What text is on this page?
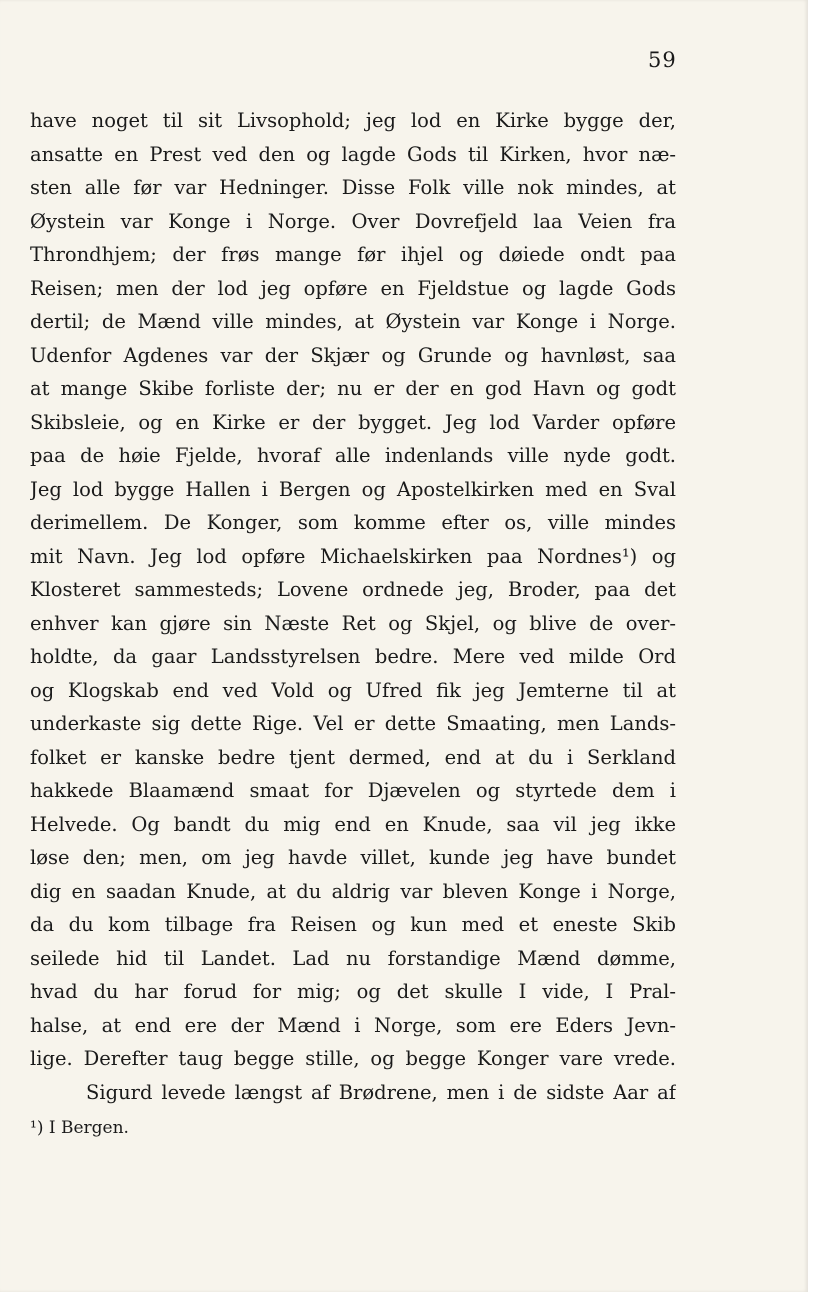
59
have noget til sit Livsophold; jeg lod en Kirke bygge der,
ansatte en Prest ved den og lagde Gods til Kirken, hvor næ-
sten alle før var Hedninger. Disse Folk ville nok mindes, at
Øystein var Konge i Norge. Over Dovrefjeld laa Veien fra
Throndhjem; der frøs mange før ihjel og døiede ondt paa
Reisen; men der lod jeg opføre en Fjeldstue og lagde Gods
dertil; de Mænd ville mindes, at Øystein var Konge i Norge.
Udenfor Agdenes var der Skjær og Grunde og havnløst, saa
at mange Skibe forliste der; nu er der en god Havn og godt
Skibsleie, og en Kirke er der bygget. Jeg lod Varder opføre
paa de høie Fjelde, hvoraf alle indenlands ville nyde godt.
Jeg lod bygge Hallen i Bergen og Apostelkirken med en Sval
derimellem. De Konger, som komme efter os, ville mindes
mit Navn. Jeg lod opføre Michaelskirken paa Nordnes¹) og
Klosteret sammesteds; Lovene ordnede jeg, Broder, paa det
enhver kan gjøre sin Næste Ret og Skjel, og blive de over-
holdte, da gaar Landsstyrelsen bedre. Mere ved milde Ord
og Klogskab end ved Vold og Ufred fik jeg Jemterne til at
underkaste sig dette Rige. Vel er dette Smaating, men Lands-
folket er kanske bedre tjent dermed, end at du i Serkland
hakkede Blaamænd smaat for Djævelen og styrtede dem i
Helvede. Og bandt du mig end en Knude, saa vil jeg ikke
løse den; men, om jeg havde villet, kunde jeg have bundet
dig en saadan Knude, at du aldrig var bleven Konge i Norge,
da du kom tilbage fra Reisen og kun med et eneste Skib
seilede hid til Landet. Lad nu forstandige Mænd dømme,
hvad du har forud for mig; og det skulle I vide, I Pral-
halse, at end ere der Mænd i Norge, som ere Eders Jevn-
lige. Derefter taug begge stille, og begge Konger vare vrede.
Sigurd levede længst af Brødrene, men i de sidste Aar af
¹) I Bergen.
